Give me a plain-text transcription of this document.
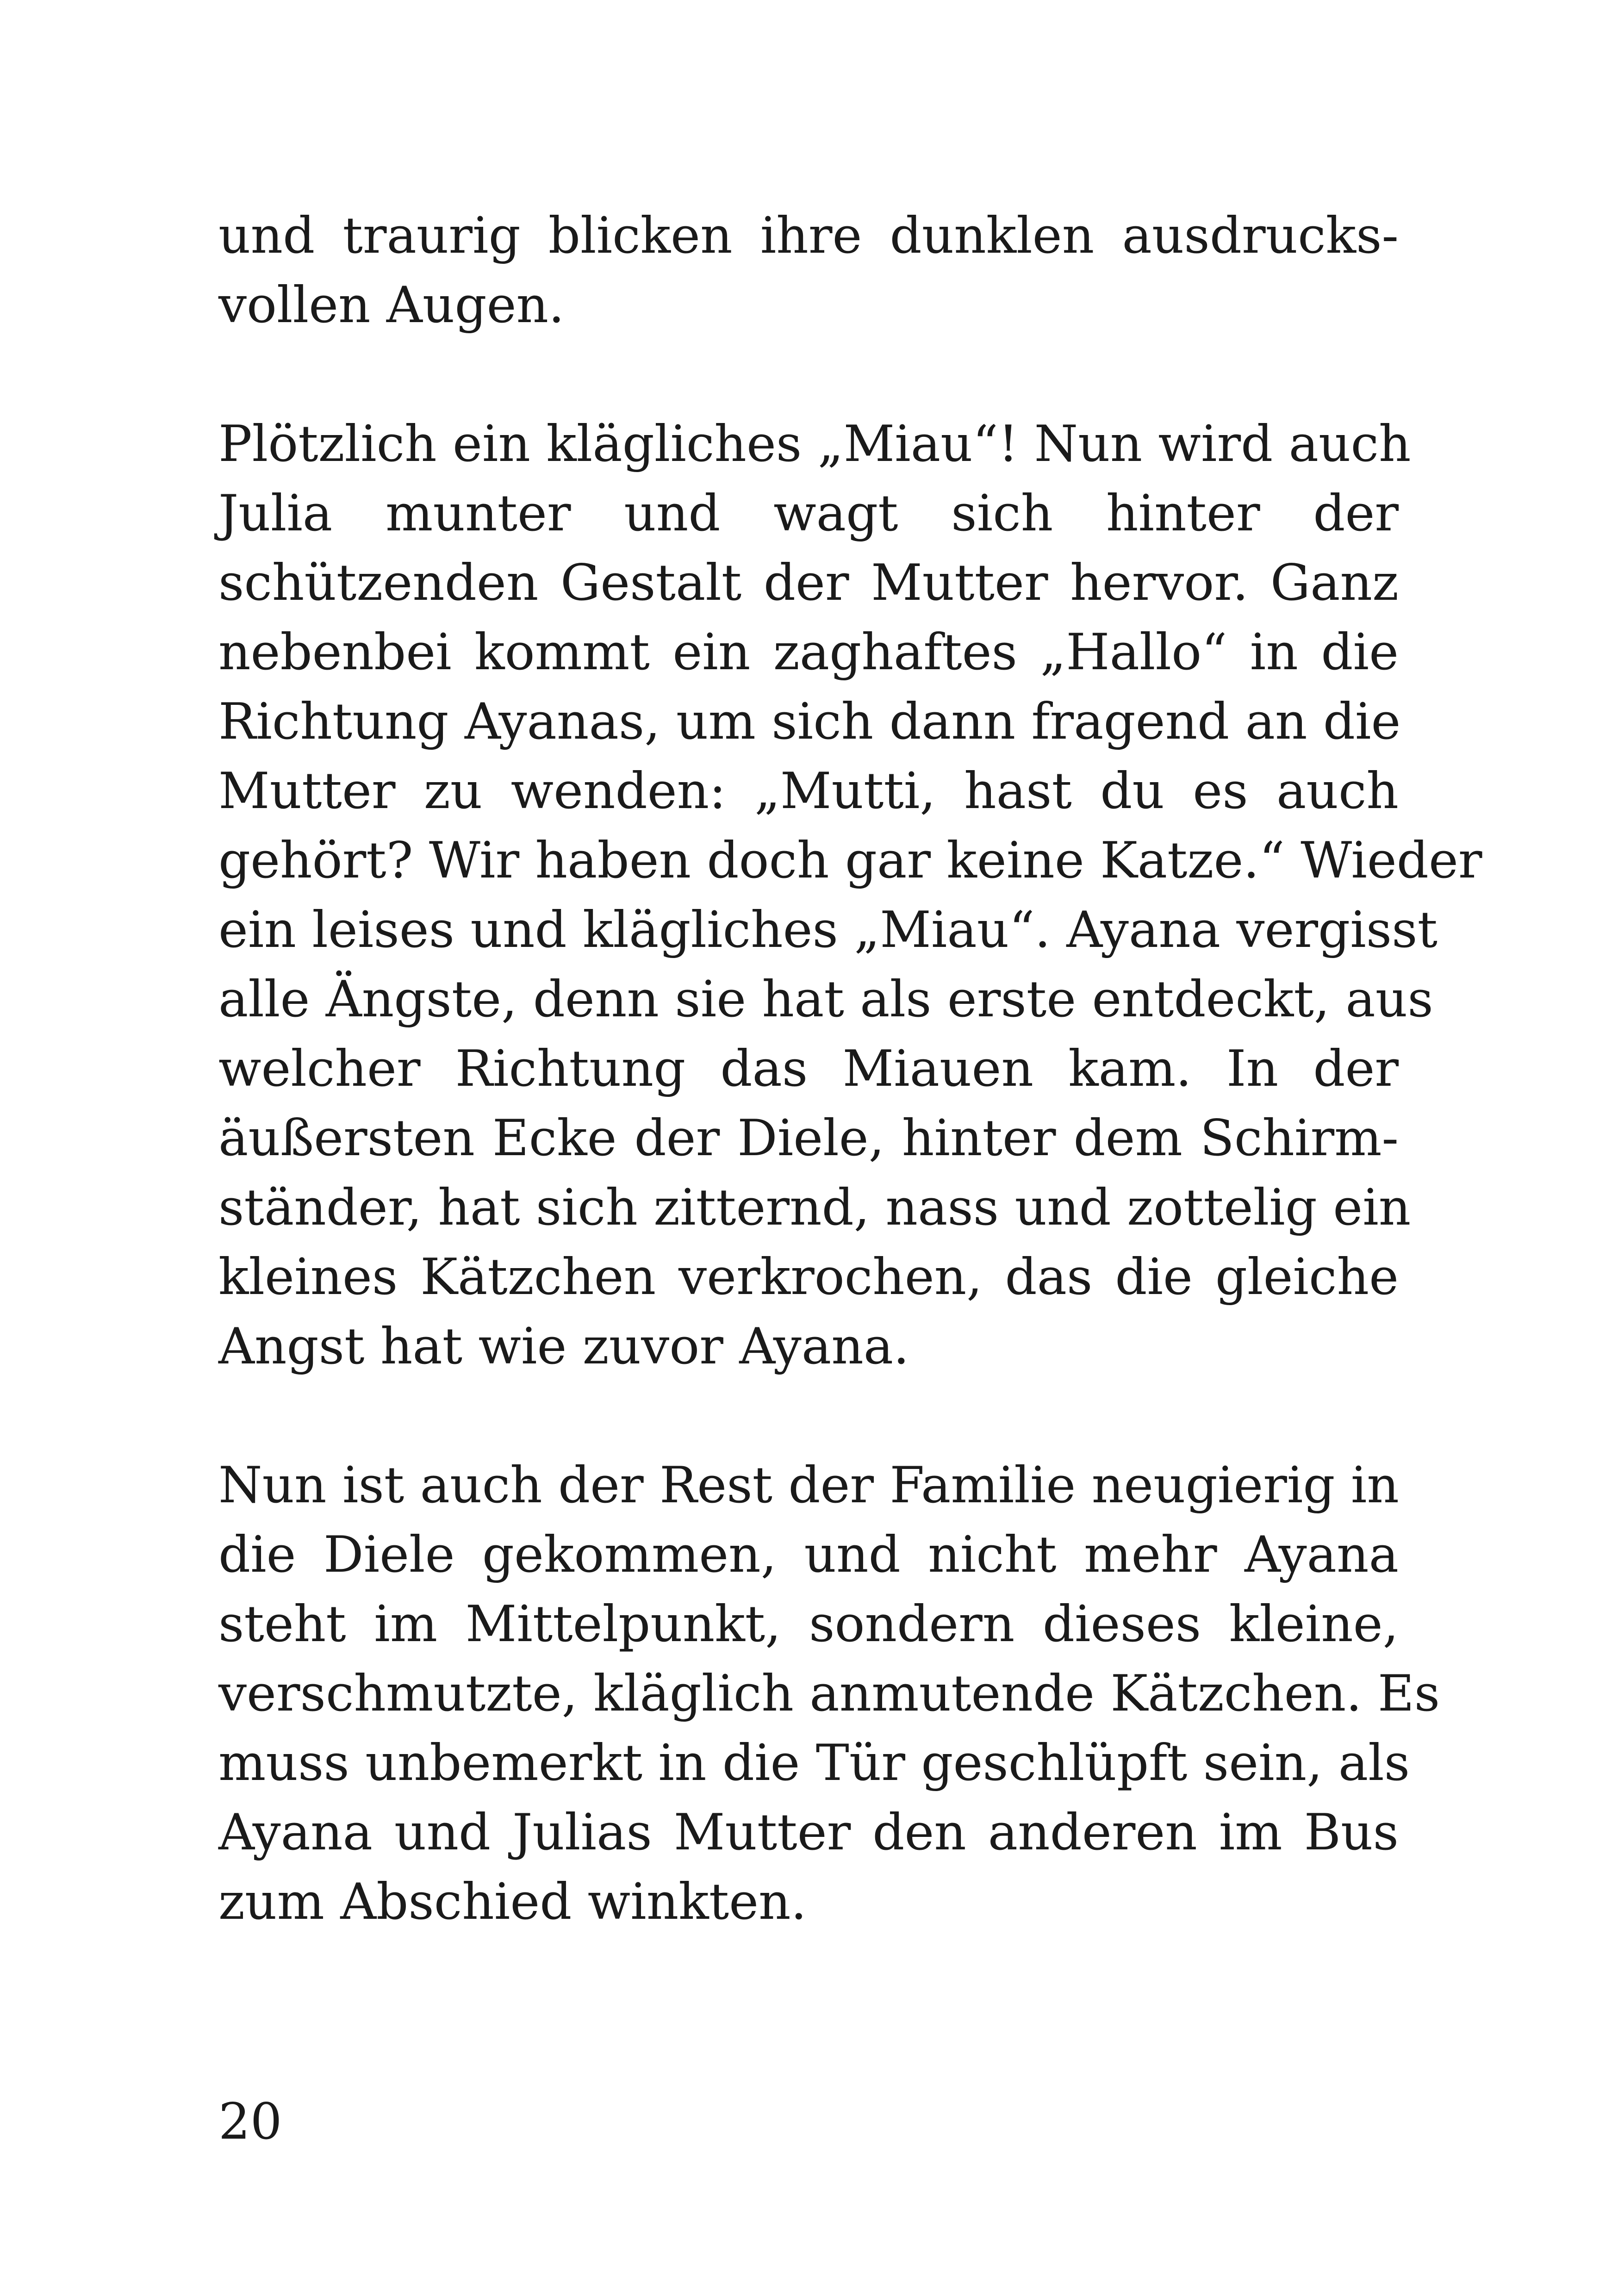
und traurig blicken ihre dunklen ausdrucks-
vollen Augen.
Plötzlich ein klägliches „Miau“! Nun wird auch
Julia munter und wagt sich hinter der
schützenden Gestalt der Mutter hervor. Ganz
nebenbei kommt ein zaghaftes „Hallo“ in die
Richtung Ayanas, um sich dann fragend an die
Mutter zu wenden: „Mutti, hast du es auch
gehört? Wir haben doch gar keine Katze.“ Wieder
ein leises und klägliches „Miau“. Ayana vergisst
alle Ängste, denn sie hat als erste entdeckt, aus
welcher Richtung das Miauen kam. In der
äußersten Ecke der Diele, hinter dem Schirm-
ständer, hat sich zitternd, nass und zottelig ein
kleines Kätzchen verkrochen, das die gleiche
Angst hat wie zuvor Ayana.
Nun ist auch der Rest der Familie neugierig in
die Diele gekommen, und nicht mehr Ayana
steht im Mittelpunkt, sondern dieses kleine,
verschmutzte, kläglich anmutende Kätzchen. Es
muss unbemerkt in die Tür geschlüpft sein, als
Ayana und Julias Mutter den anderen im Bus
zum Abschied winkten.
20
